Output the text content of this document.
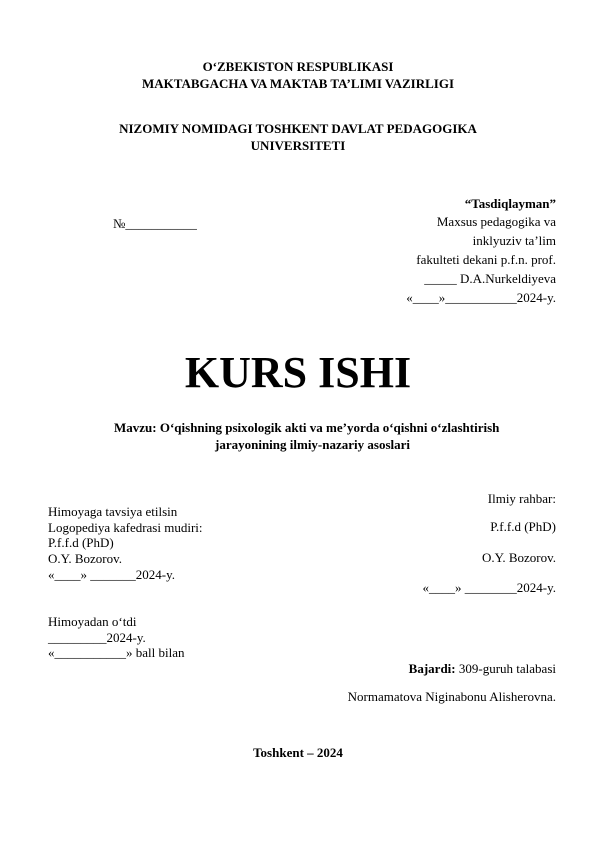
O‘ZBEKISTON RESPUBLIKASI
MAKTABGACHA VA MAKTAB TA’LIMI VAZIRLIGI
NIZOMIY NOMIDAGI TOSHKENT DAVLAT PEDAGOGIKA
UNIVERSITETI
№___________
“Tasdiqlayman”
Maxsus pedagogika va
inklyuziv ta’lim
fakulteti dekani p.f.n. prof.
_____ D.A.Nurkeldiyeva
«____»___________2024-y.
KURS ISHI
Mavzu: O‘qishning psixologik akti va me’yorda o‘qishni o‘zlashtirish
jarayonining ilmiy-nazariy asoslari
Himoyaga tavsiya etilsin
Logopediya kafedrasi mudiri:
P.f.f.d (PhD)
O.Y. Bozorov.
«____» _______2024-y.
Himoyadan o‘tdi
_________2024-y.
«___________» ball bilan
Ilmiy rahbar:
P.f.f.d (PhD)
O.Y. Bozorov.
«____» ________2024-y.
Bajardi: 309-guruh talabasi
Normamatova Niginabonu Alisherovna.
Toshkent – 2024
